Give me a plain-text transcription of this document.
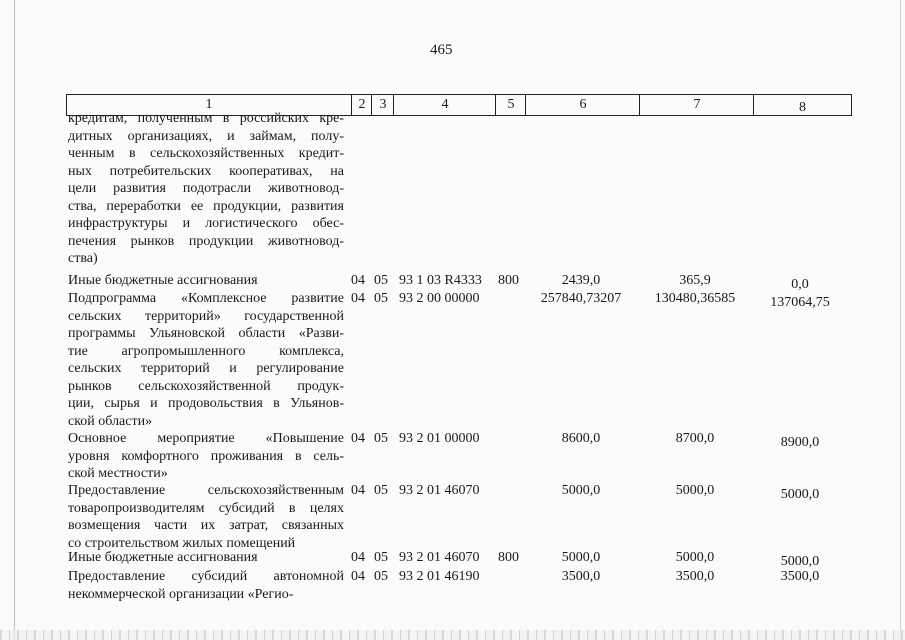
465
1	2	3	4	5	6	7	8
кредитам, полученным в российских кре-
дитных организациях, и займам, полу-
ченным в сельскохозяйственных кредит-
ных потребительских кооперативах, на
цели развития подотрасли животновод-
ства, переработки ее продукции, развития
инфраструктуры и логистического обес-
печения рынков продукции животновод-
ства)
Иные бюджетные ассигнования	04 05 93 1 03 R4333	800	2439,0	365,9	0,0
Подпрограмма «Комплексное развитие
сельских территорий» государственной
программы Ульяновской области «Разви-
тие агропромышленного комплекса,
сельских территорий и регулирование
рынков сельскохозяйственной продук-
ции, сырья и продовольствия в Ульянов-
ской области»
04 05 93 2 00 00000	257840,73207	130480,36585	137064,75
Основное мероприятие «Повышение
уровня комфортного проживания в сель-
ской местности»
04 05 93 2 01 00000	8600,0	8700,0	8900,0
Предоставление сельскохозяйственным
товаропроизводителям субсидий в целях
возмещения части их затрат, связанных
со строительством жилых помещений
04 05 93 2 01 46070	5000,0	5000,0	5000,0
Иные бюджетные ассигнования	04 05 93 2 01 46070	800	5000,0	5000,0	5000,0
Предоставление субсидий автономной
некоммерческой организации «Регио-
04 05 93 2 01 46190	3500,0	3500,0	3500,0
